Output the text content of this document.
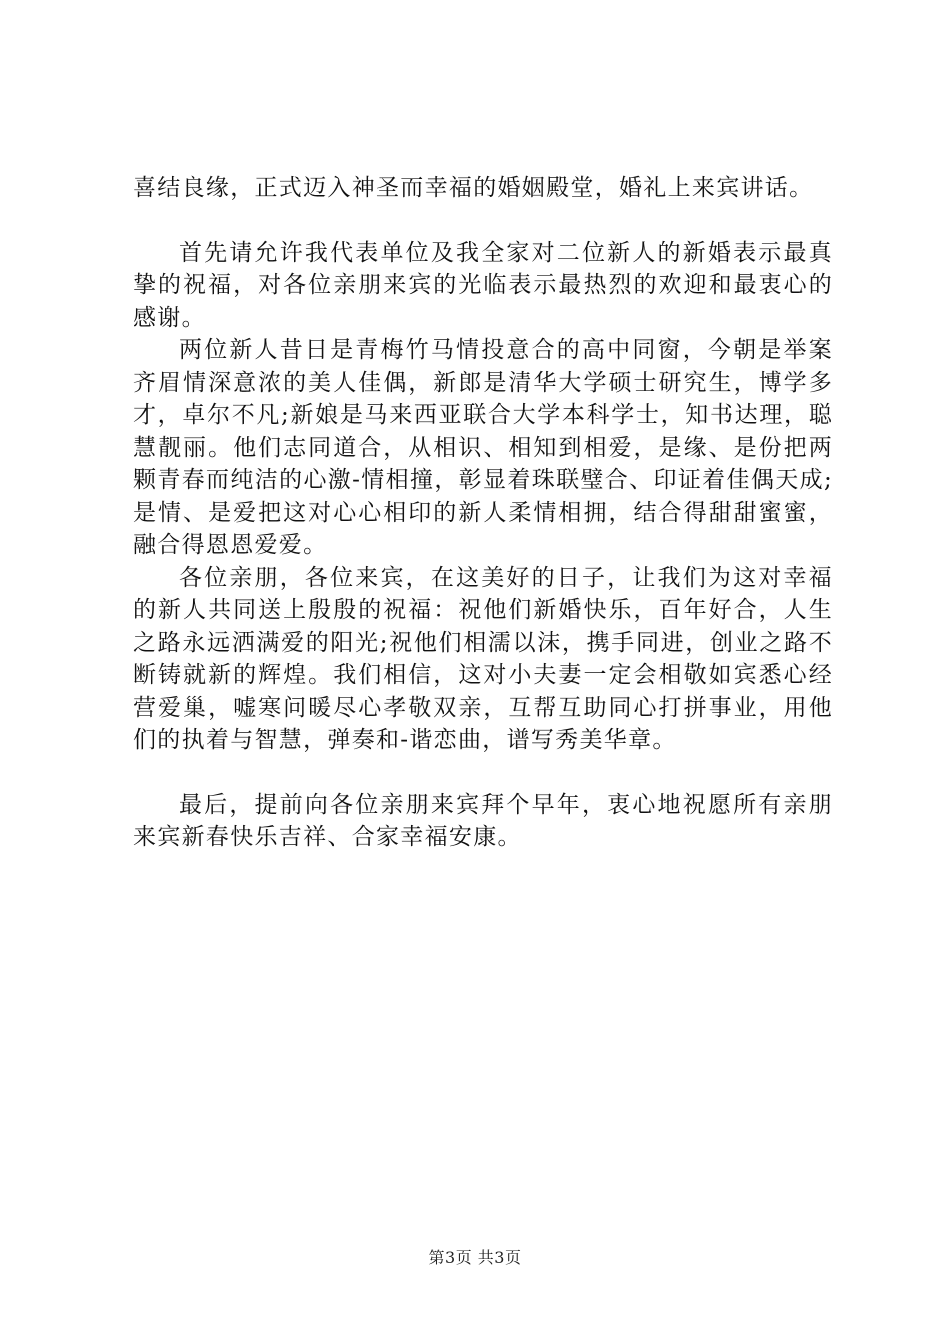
喜结良缘，正式迈入神圣而幸福的婚姻殿堂，婚礼上来宾讲话。

首先请允许我代表单位及我全家对二位新人的新婚表示最真挚的祝福，对各位亲朋来宾的光临表示最热烈的欢迎和最衷心的感谢。

两位新人昔日是青梅竹马情投意合的高中同窗，今朝是举案齐眉情深意浓的美人佳偶，新郎是清华大学硕士研究生，博学多才，卓尔不凡;新娘是马来西亚联合大学本科学士，知书达理，聪慧靓丽。他们志同道合，从相识、相知到相爱，是缘、是份把两颗青春而纯洁的心激-情相撞，彰显着珠联璧合、印证着佳偶天成;是情、是爱把这对心心相印的新人柔情相拥，结合得甜甜蜜蜜，融合得恩恩爱爱。

各位亲朋，各位来宾，在这美好的日子，让我们为这对幸福的新人共同送上殷殷的祝福：祝他们新婚快乐，百年好合，人生之路永远洒满爱的阳光;祝他们相濡以沫，携手同进，创业之路不断铸就新的辉煌。我们相信，这对小夫妻一定会相敬如宾悉心经营爱巢，嘘寒问暖尽心孝敬双亲，互帮互助同心打拼事业，用他们的执着与智慧，弹奏和-谐恋曲，谱写秀美华章。

最后，提前向各位亲朋来宾拜个早年，衷心地祝愿所有亲朋来宾新春快乐吉祥、合家幸福安康。

第3页 共3页
